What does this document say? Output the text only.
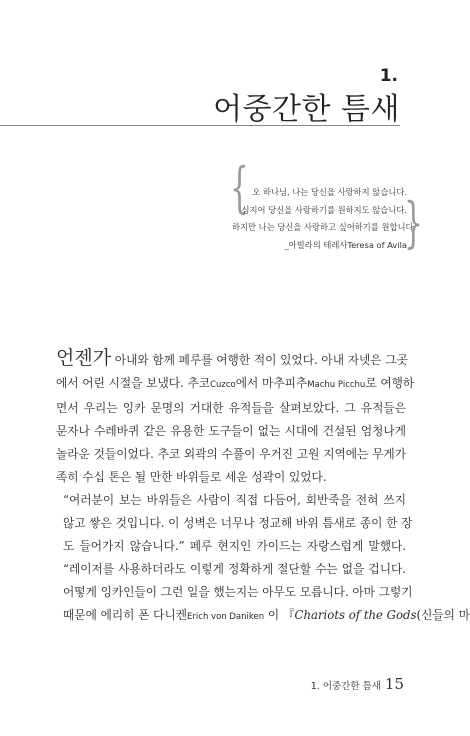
1.
어중간한 틈새
{ 오 하나님, 나는 당신을 사랑하지 않습니다.

심지어 당신을 사랑하기를 원하지도 않습니다.

하지만 나는 당신을 사랑하고 싶어하기를 원합니다.

_아빌라의 테레사Teresa of Avila

}

언젠가 아내와 함께 페루를 여행한 적이 있었다. 아내 자넷은 그곳
에서 어린 시절을 보냈다. 추코Cuzco에서 마추피추Machu Picchu로 여행하
면서 우리는 잉카 문명의 거대한 유적들을 살펴보았다. 그 유적들은
문자나 수레바퀴 같은 유용한 도구들이 없는 시대에 건설된 엄청나게
놀라운 것들이었다. 추코 외곽의 수풀이 우거진 고원 지역에는 무게가
족히 수십 톤은 될 만한 바위들로 세운 성곽이 있었다.

“여러분이 보는 바위들은 사람이 직접 다듬어, 회반죽을 전혀 쓰지
않고 쌓은 것입니다. 이 성벽은 너무나 정교해 바위 틈새로 종이 한 장
도 들어가지 않습니다.” 페루 현지인 가이드는 자랑스럽게 말했다.
“레이저를 사용하더라도 이렇게 정확하게 절단할 수는 없을 겁니다.
어떻게 잉카인들이 그런 일을 했는지는 아무도 모릅니다. 아마 그렇기
때문에 에리히 폰 다니켄Erich von Daniken 이 『Chariots of the Gods(신들의 마

1. 어중간한 틈새 15
